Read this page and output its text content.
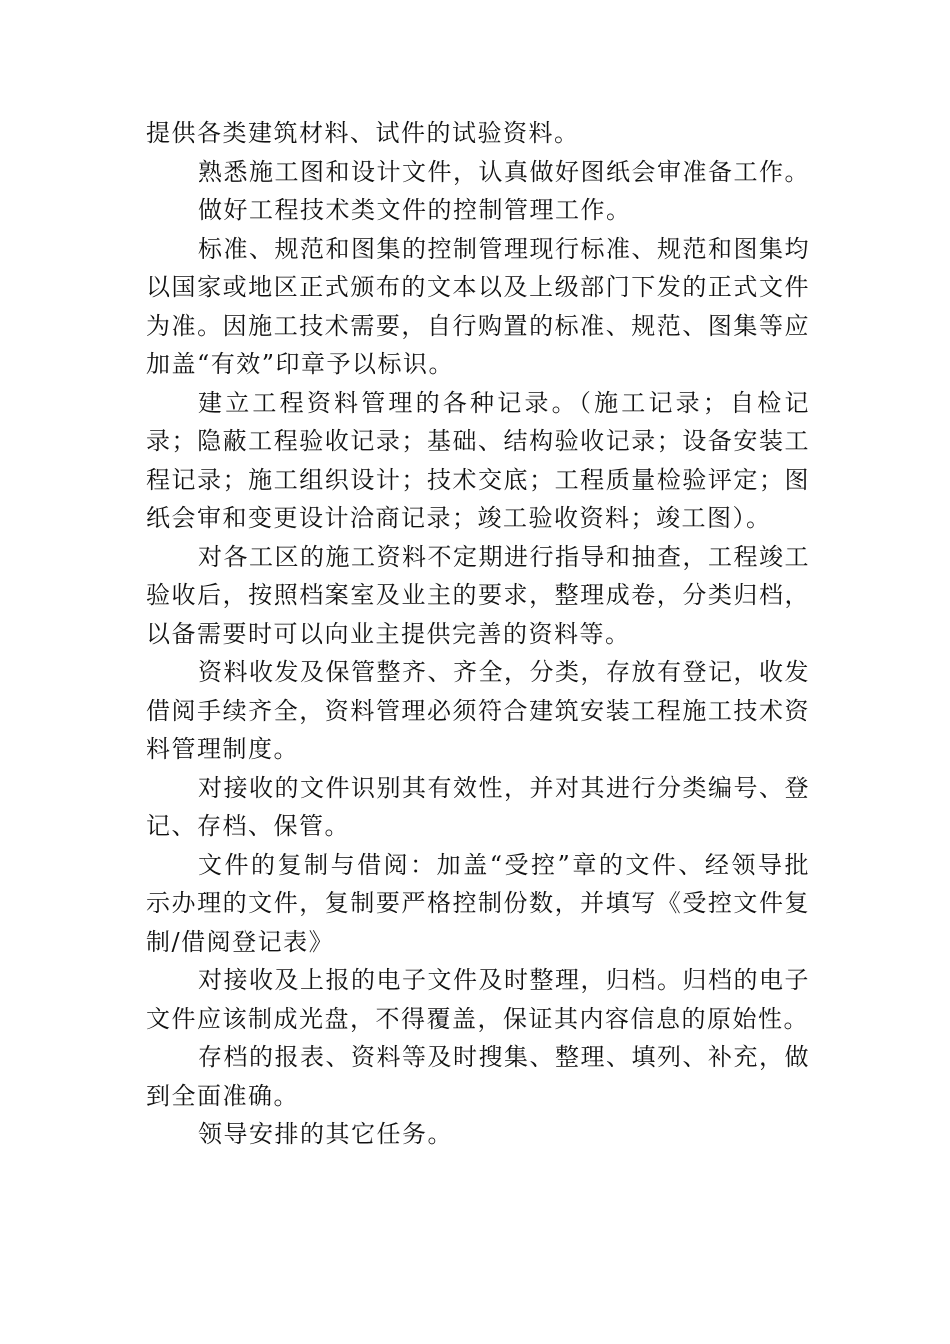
提供各类建筑材料、试件的试验资料。

熟悉施工图和设计文件，认真做好图纸会审准备工作。

做好工程技术类文件的控制管理工作。

标准、规范和图集的控制管理现行标准、规范和图集均以国家或地区正式颁布的文本以及上级部门下发的正式文件为准。因施工技术需要，自行购置的标准、规范、图集等应加盖“有效”印章予以标识。

建立工程资料管理的各种记录。（施工记录；自检记录；隐蔽工程验收记录；基础、结构验收记录；设备安装工程记录；施工组织设计；技术交底；工程质量检验评定；图纸会审和变更设计洽商记录；竣工验收资料；竣工图）。

对各工区的施工资料不定期进行指导和抽查，工程竣工验收后，按照档案室及业主的要求，整理成卷，分类归档，以备需要时可以向业主提供完善的资料等。

资料收发及保管整齐、齐全，分类，存放有登记，收发借阅手续齐全，资料管理必须符合建筑安装工程施工技术资料管理制度。

对接收的文件识别其有效性，并对其进行分类编号、登记、存档、保管。

文件的复制与借阅：加盖“受控”章的文件、经领导批示办理的文件，复制要严格控制份数，并填写《受控文件复制/借阅登记表》

对接收及上报的电子文件及时整理，归档。归档的电子文件应该制成光盘，不得覆盖，保证其内容信息的原始性。

存档的报表、资料等及时搜集、整理、填列、补充，做到全面准确。

领导安排的其它任务。
